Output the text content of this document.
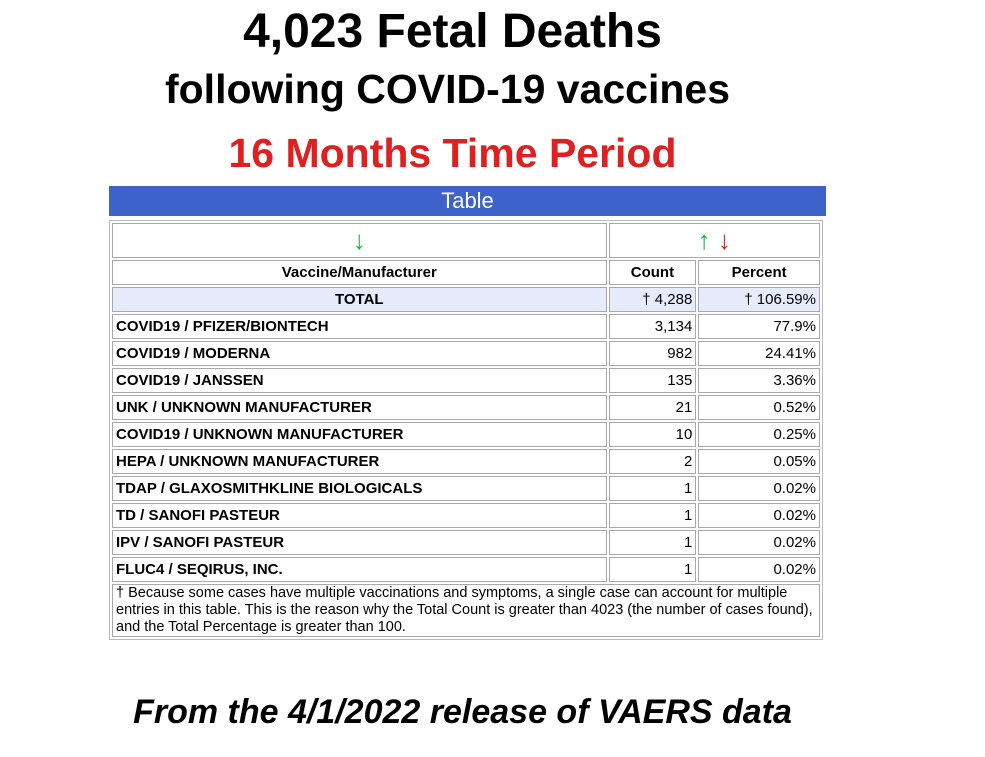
4,023 Fetal Deaths
following COVID-19 vaccines
16 Months Time Period
Table
↓	↑ ↓	
Vaccine/Manufacturer	Count	Percent
TOTAL	† 4,288	† 106.59%
COVID19 / PFIZER/BIONTECH	3,134	77.9%
COVID19 / MODERNA	982	24.41%
COVID19 / JANSSEN	135	3.36%
UNK / UNKNOWN MANUFACTURER	21	0.52%
COVID19 / UNKNOWN MANUFACTURER	10	0.25%
HEPA / UNKNOWN MANUFACTURER	2	0.05%
TDAP / GLAXOSMITHKLINE BIOLOGICALS	1	0.02%
TD / SANOFI PASTEUR	1	0.02%
IPV / SANOFI PASTEUR	1	0.02%
FLUC4 / SEQIRUS, INC.	1	0.02%
† Because some cases have multiple vaccinations and symptoms, a single case can account for multiple entries in this table. This is the reason why the Total Count is greater than 4023 (the number of cases found), and the Total Percentage is greater than 100.		
From the 4/1/2022 release of VAERS data
